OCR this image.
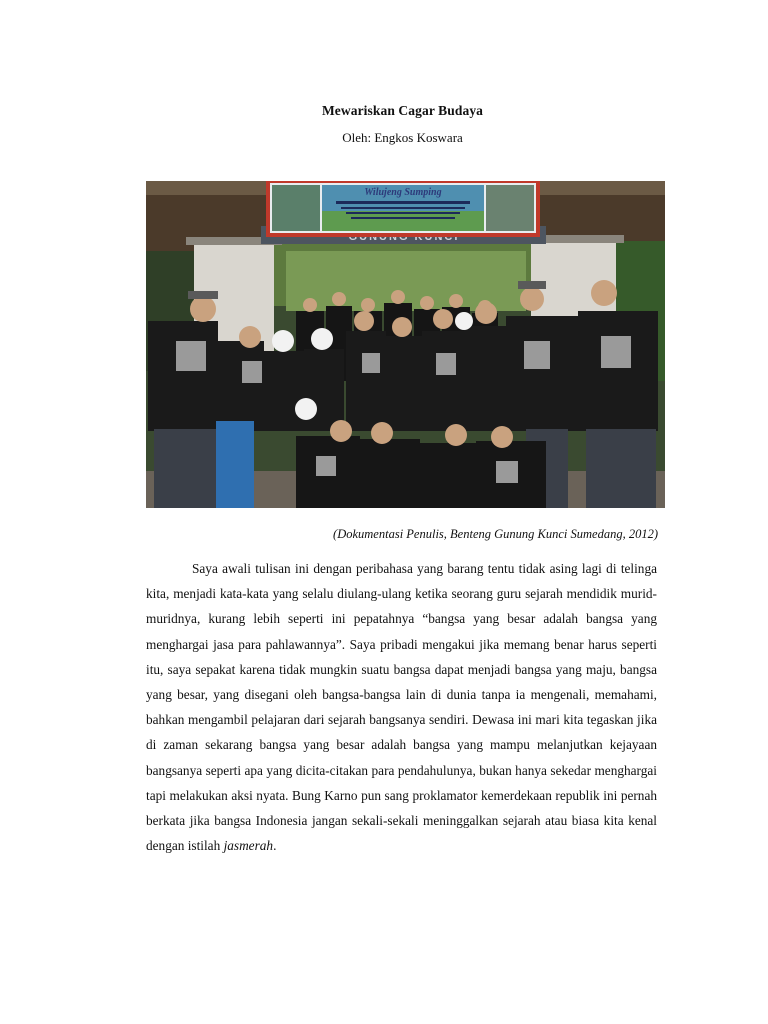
Mewariskan Cagar Budaya
Oleh: Engkos Koswara
Wilujeng Sumping
(Dokumentasi Penulis, Benteng Gunung Kunci Sumedang, 2012)

Saya awali tulisan ini dengan peribahasa yang barang tentu tidak asing lagi di telinga kita, menjadi kata-kata yang selalu diulang-ulang ketika seorang guru sejarah mendidik murid-muridnya, kurang lebih seperti ini pepatahnya “bangsa yang besar adalah bangsa yang menghargai jasa para pahlawannya”. Saya pribadi mengakui jika memang benar harus seperti itu, saya sepakat karena tidak mungkin suatu bangsa dapat menjadi bangsa yang maju, bangsa yang besar, yang disegani oleh bangsa-bangsa lain di dunia tanpa ia mengenali, memahami, bahkan mengambil pelajaran dari sejarah bangsanya sendiri. Dewasa ini mari kita tegaskan jika di zaman sekarang bangsa yang besar adalah bangsa yang mampu melanjutkan kejayaan bangsanya seperti apa yang dicita-citakan para pendahulunya, bukan hanya sekedar menghargai tapi melakukan aksi nyata. Bung Karno pun sang proklamator kemerdekaan republik ini pernah berkata jika bangsa Indonesia jangan sekali-sekali meninggalkan sejarah atau biasa kita kenal dengan istilah jasmerah.
